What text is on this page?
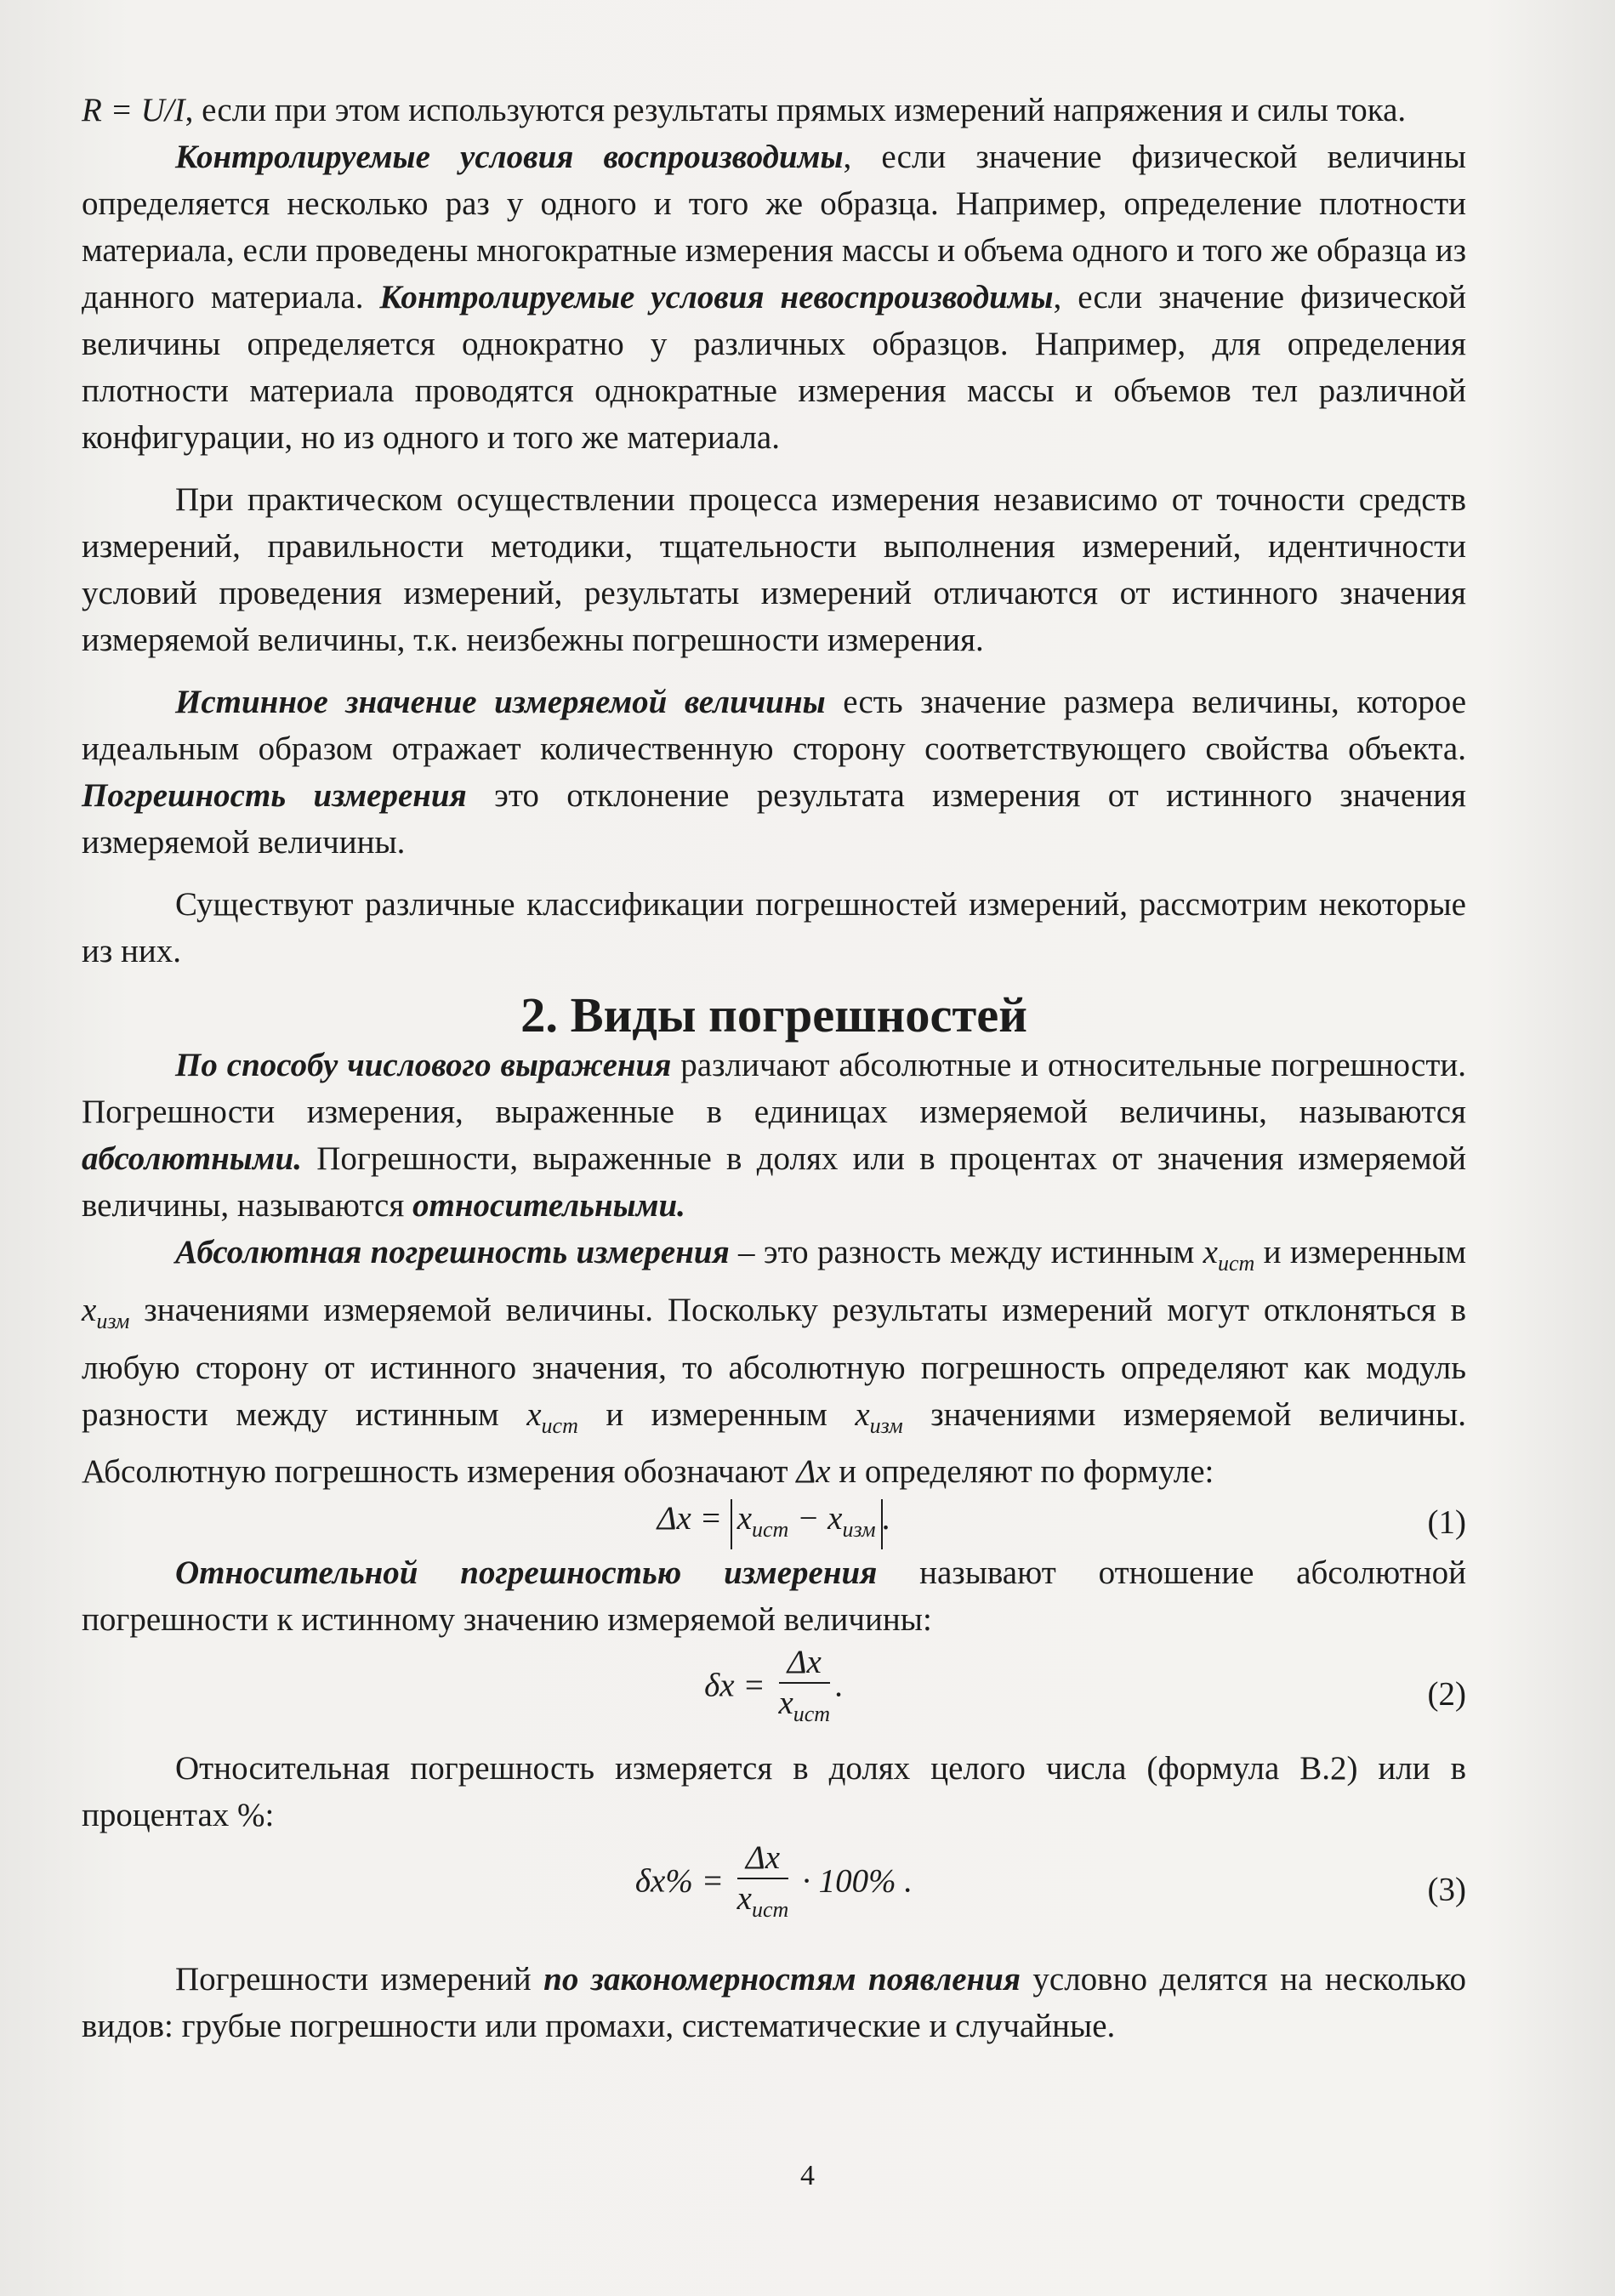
R = U/I, если при этом используются результаты прямых измерений напряжения и силы тока.

Контролируемые условия воспроизводимы, если значение физической величины определяется несколько раз у одного и того же образца. Например, определение плотности материала, если проведены многократные измерения массы и объема одного и того же образца из данного материала. Контролируемые условия невоспроизводимы, если значение физической величины определяется однократно у различных образцов. Например, для определения плотности материала проводятся однократные измерения массы и объемов тел различной конфигурации, но из одного и того же материала.

При практическом осуществлении процесса измерения независимо от точности средств измерений, правильности методики, тщательности выполнения измерений, идентичности условий проведения измерений, результаты измерений отличаются от истинного значения измеряемой величины, т.к. неизбежны погрешности измерения.

Истинное значение измеряемой величины есть значение размера величины, которое идеальным образом отражает количественную сторону соответствующего свойства объекта. Погрешность измерения это отклонение результата измерения от истинного значения измеряемой величины.

Существуют различные классификации погрешностей измерений, рассмотрим некоторые из них.

2. Виды погрешностей

По способу числового выражения различают абсолютные и относительные погрешности. Погрешности измерения, выраженные в единицах измеряемой величины, называются абсолютными. Погрешности, выраженные в долях или в процентах от значения измеряемой величины, называются относительными.

Абсолютная погрешность измерения – это разность между истинным $x_{ист}$ и измеренным $x_{изм}$ значениями измеряемой величины. Поскольку результаты измерений могут отклоняться в любую сторону от истинного значения, то абсолютную погрешность определяют как модуль разности между истинным $x_{ист}$ и измеренным $x_{изм}$ значениями измеряемой величины. Абсолютную погрешность измерения обозначают Δx и определяют по формуле:

$\Delta x = x_{ист} - x_{изм}$ .	(1)

Относительной погрешностью измерения называют отношение абсолютной погрешности к истинному значению измеряемой величины:

$\delta x = \frac{\Delta x}{x_{ист}}$ .	(2)

Относительная погрешность измеряется в долях целого числа (формула В.2) или в процентах %:

$\delta x\% = \frac{\Delta x}{x_{ист}} \cdot 100\%$ .	(3)

Погрешности измерений по закономерностям появления условно делятся на несколько видов: грубые погрешности или промахи, систематические и случайные.

4
